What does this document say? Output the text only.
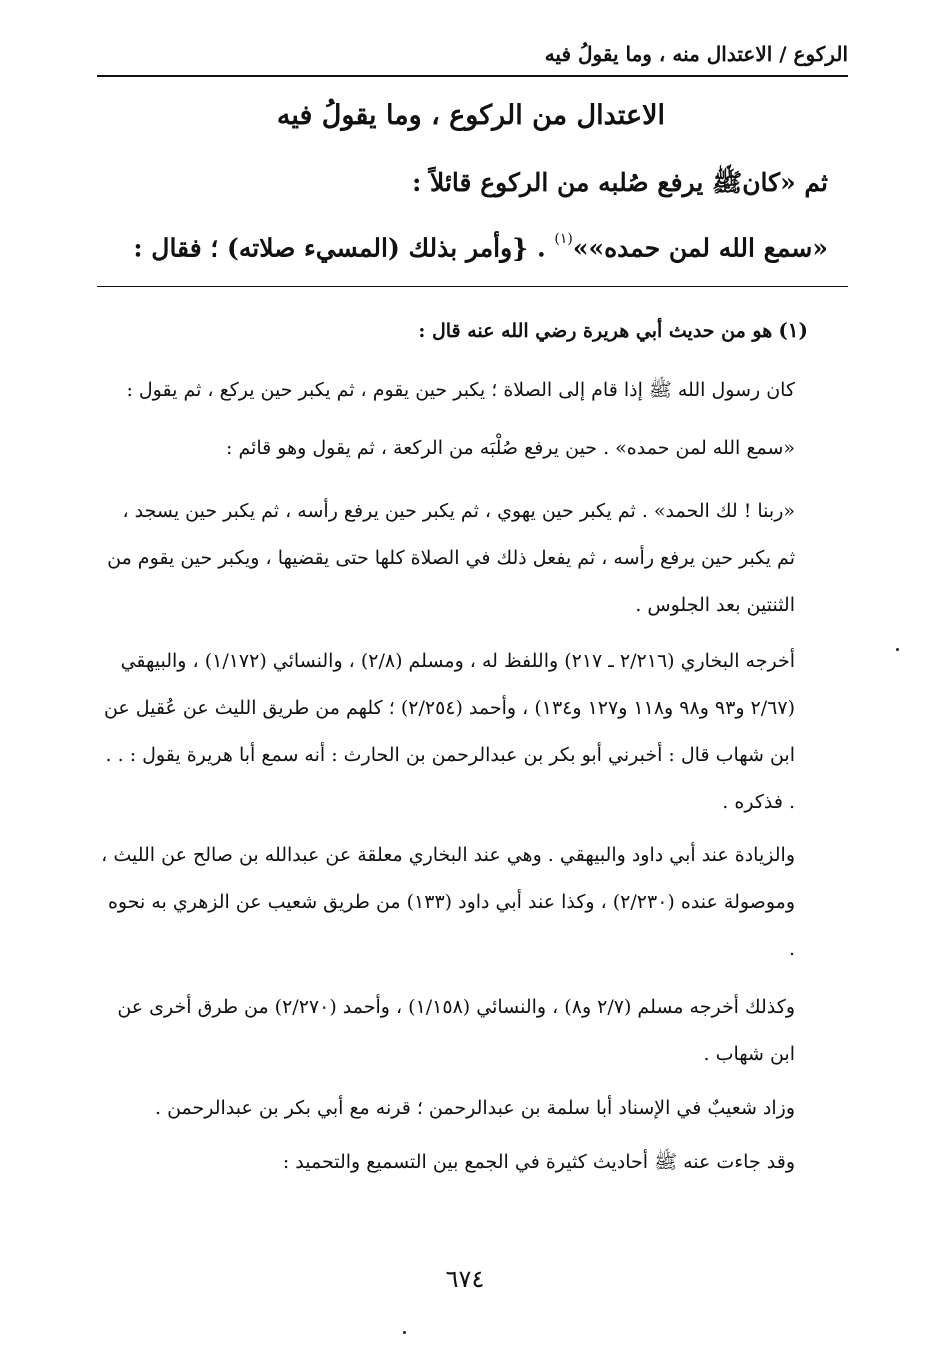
الركوع / الاعتدال منه ، وما يقولُ فيه
الاعتدال من الركوع ، وما يقولُ فيه
ثم «كانﷺ يرفع صُلبه من الركوع قائلاً :
«سمع الله لمن حمده»»$^{(١)}$ . {وأمر بذلك (المسيء صلاته) ؛ فقال :
(١) هو من حديث أبي هريرة رضي الله عنه قال :
كان رسول الله ﷺ إذا قام إلى الصلاة ؛ يكبر حين يقوم ، ثم يكبر حين يركع ، ثم يقول :
«سمع الله لمن حمده» . حين يرفع صُلْبَه من الركعة ، ثم يقول وهو قائم :
«ربنا ! لك الحمد» . ثم يكبر حين يهوي ، ثم يكبر حين يرفع رأسه ، ثم يكبر حين يسجد ، ثم يكبر حين يرفع رأسه ، ثم يفعل ذلك في الصلاة كلها حتى يقضيها ، ويكبر حين يقوم من الثنتين بعد الجلوس .
أخرجه البخاري (٢/٢١٦ ـ ٢١٧) واللفظ له ، ومسلم (٢/٨) ، والنسائي (١/١٧٢) ، والبيهقي (٢/٦٧ و٩٣ و٩٨ و١١٨ و١٢٧ و١٣٤) ، وأحمد (٢/٢٥٤) ؛ كلهم من طريق الليث عن عُقيل عن ابن شهاب قال : أخبرني أبو بكر بن عبدالرحمن بن الحارث : أنه سمع أبا هريرة يقول : . . . فذكره .
والزيادة عند أبي داود والبيهقي . وهي عند البخاري معلقة عن عبدالله بن صالح عن الليث ، وموصولة عنده (٢/٢٣٠) ، وكذا عند أبي داود (١٣٣) من طريق شعيب عن الزهري به نحوه .
وكذلك أخرجه مسلم (٢/٧ و٨) ، والنسائي (١/١٥٨) ، وأحمد (٢/٢٧٠) من طرق أخرى عن ابن شهاب .
وزاد شعيبٌ في الإسناد أبا سلمة بن عبدالرحمن ؛ قرنه مع أبي بكر بن عبدالرحمن .
وقد جاءت عنه ﷺ أحاديث كثيرة في الجمع بين التسميع والتحميد :
٦٧٤
